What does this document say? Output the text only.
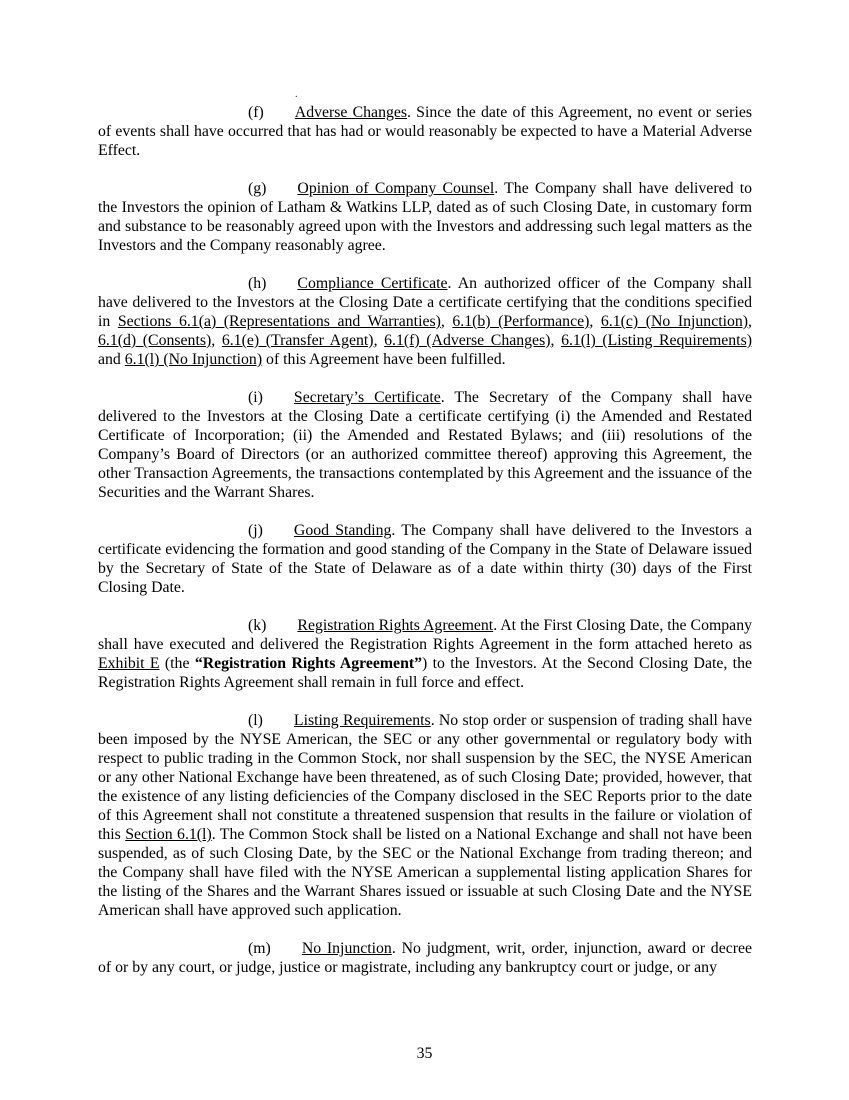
.

(f) Adverse Changes. Since the date of this Agreement, no event or series of events shall have occurred that has had or would reasonably be expected to have a Material Adverse Effect.

(g) Opinion of Company Counsel. The Company shall have delivered to the Investors the opinion of Latham & Watkins LLP, dated as of such Closing Date, in customary form and substance to be reasonably agreed upon with the Investors and addressing such legal matters as the Investors and the Company reasonably agree.

(h) Compliance Certificate. An authorized officer of the Company shall have delivered to the Investors at the Closing Date a certificate certifying that the conditions specified in Sections 6.1(a) (Representations and Warranties), 6.1(b) (Performance), 6.1(c) (No Injunction), 6.1(d) (Consents), 6.1(e) (Transfer Agent), 6.1(f) (Adverse Changes), 6.1(l) (Listing Requirements) and 6.1(l) (No Injunction) of this Agreement have been fulfilled.

(i) Secretary’s Certificate. The Secretary of the Company shall have delivered to the Investors at the Closing Date a certificate certifying (i) the Amended and Restated Certificate of Incorporation; (ii) the Amended and Restated Bylaws; and (iii) resolutions of the Company’s Board of Directors (or an authorized committee thereof) approving this Agreement, the other Transaction Agreements, the transactions contemplated by this Agreement and the issuance of the Securities and the Warrant Shares.

(j) Good Standing. The Company shall have delivered to the Investors a certificate evidencing the formation and good standing of the Company in the State of Delaware issued by the Secretary of State of the State of Delaware as of a date within thirty (30) days of the First Closing Date.

(k) Registration Rights Agreement. At the First Closing Date, the Company shall have executed and delivered the Registration Rights Agreement in the form attached hereto as Exhibit E (the “Registration Rights Agreement”) to the Investors. At the Second Closing Date, the Registration Rights Agreement shall remain in full force and effect.

(l) Listing Requirements. No stop order or suspension of trading shall have been imposed by the NYSE American, the SEC or any other governmental or regulatory body with respect to public trading in the Common Stock, nor shall suspension by the SEC, the NYSE American or any other National Exchange have been threatened, as of such Closing Date; provided, however, that the existence of any listing deficiencies of the Company disclosed in the SEC Reports prior to the date of this Agreement shall not constitute a threatened suspension that results in the failure or violation of this Section 6.1(l). The Common Stock shall be listed on a National Exchange and shall not have been suspended, as of such Closing Date, by the SEC or the National Exchange from trading thereon; and the Company shall have filed with the NYSE American a supplemental listing application Shares for the listing of the Shares and the Warrant Shares issued or issuable at such Closing Date and the NYSE American shall have approved such application.

(m) No Injunction. No judgment, writ, order, injunction, award or decree of or by any court, or judge, justice or magistrate, including any bankruptcy court or judge, or any

35
